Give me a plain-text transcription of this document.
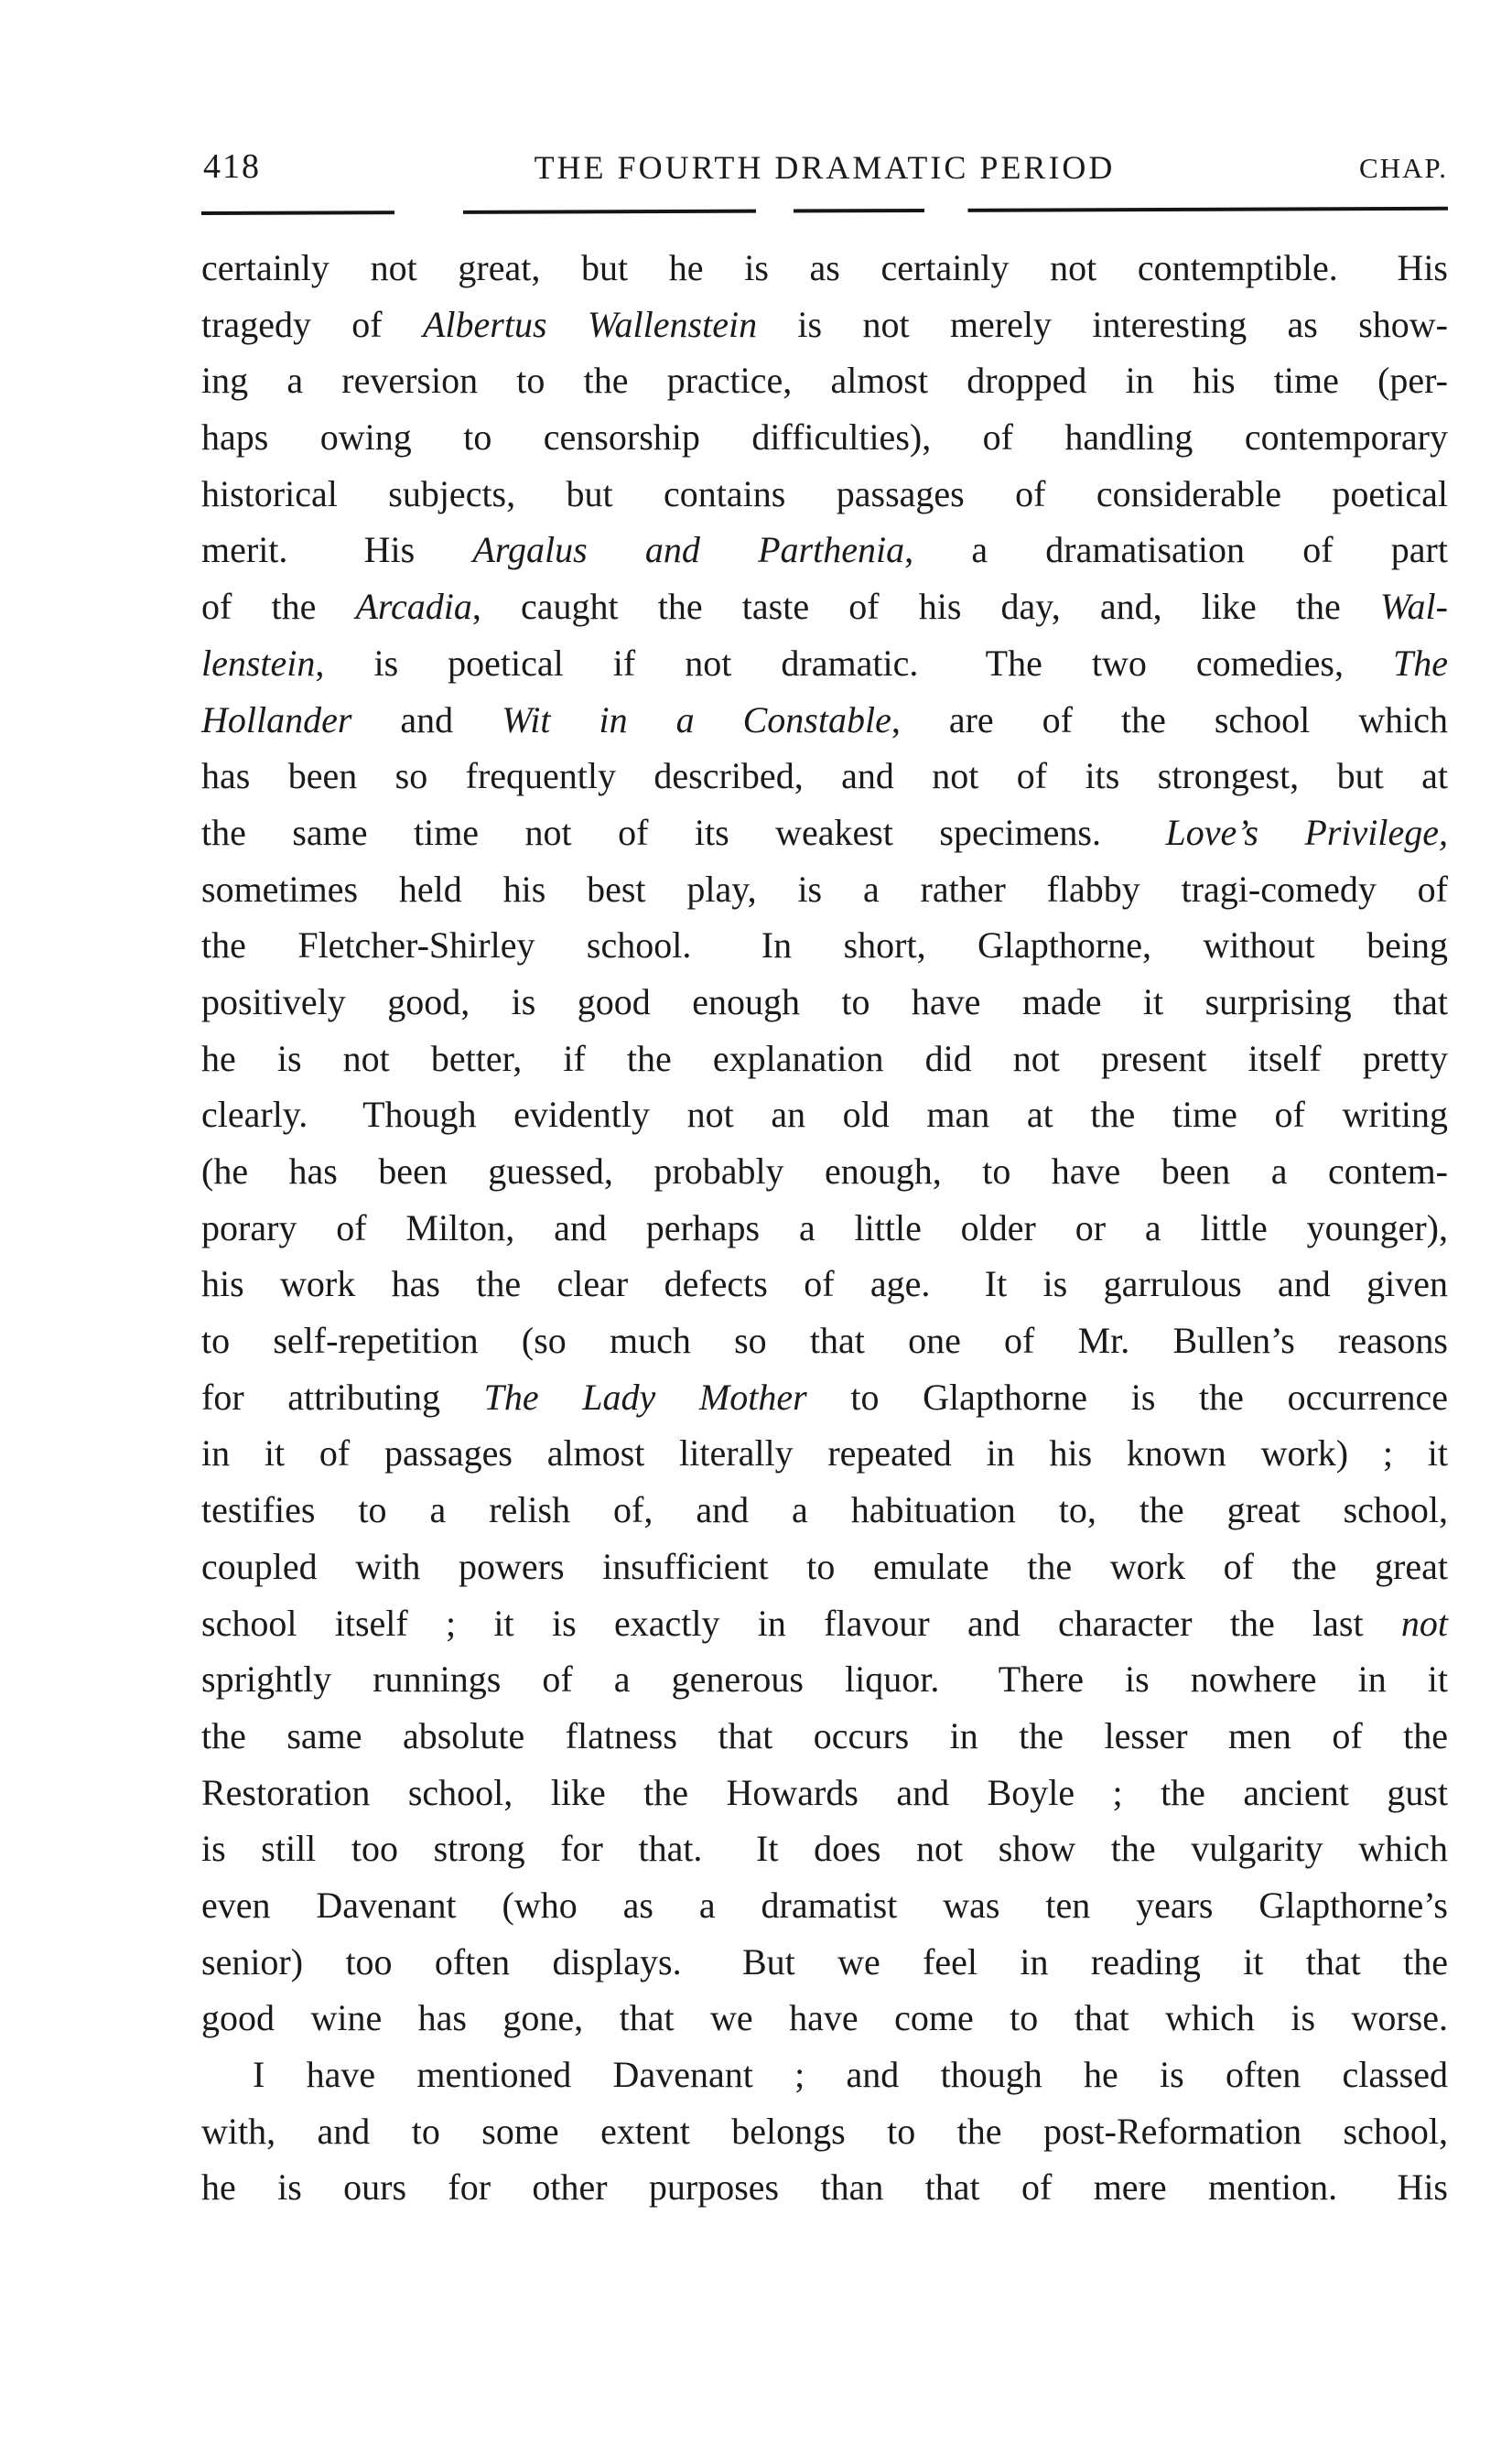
418	THE FOURTH DRAMATIC PERIOD	CHAP.
certainly not great, but he is as certainly not contemptible.  His
tragedy of Albertus Wallenstein is not merely interesting as show-
ing a reversion to the practice, almost dropped in his time (per-
haps owing to censorship difficulties), of handling contemporary
historical subjects, but contains passages of considerable poetical
merit.  His Argalus and Parthenia, a dramatisation of part
of the Arcadia, caught the taste of his day, and, like the Wal-
lenstein, is poetical if not dramatic.  The two comedies, The
Hollander and Wit in a Constable, are of the school which
has been so frequently described, and not of its strongest, but at
the same time not of its weakest specimens.  Love’s Privilege,
sometimes held his best play, is a rather flabby tragi-comedy of
the Fletcher-Shirley school.  In short, Glapthorne, without being
positively good, is good enough to have made it surprising that
he is not better, if the explanation did not present itself pretty
clearly.  Though evidently not an old man at the time of writing
(he has been guessed, probably enough, to have been a contem-
porary of Milton, and perhaps a little older or a little younger),
his work has the clear defects of age.  It is garrulous and given
to self-repetition (so much so that one of Mr. Bullen’s reasons
for attributing The Lady Mother to Glapthorne is the occurrence
in it of passages almost literally repeated in his known work) ; it
testifies to a relish of, and a habituation to, the great school,
coupled with powers insufficient to emulate the work of the great
school itself ; it is exactly in flavour and character the last not
sprightly runnings of a generous liquor.  There is nowhere in it
the same absolute flatness that occurs in the lesser men of the
Restoration school, like the Howards and Boyle ; the ancient gust
is still too strong for that.  It does not show the vulgarity which
even Davenant (who as a dramatist was ten years Glapthorne’s
senior) too often displays.  But we feel in reading it that the
good wine has gone, that we have come to that which is worse.
I have mentioned Davenant ; and though he is often classed
with, and to some extent belongs to the post-Reformation school,
he is ours for other purposes than that of mere mention.  His
